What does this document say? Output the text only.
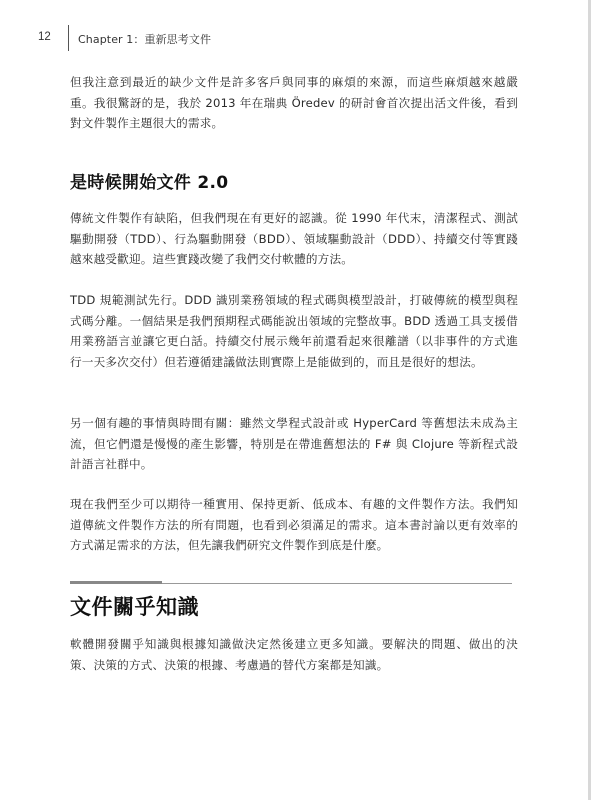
12 Chapter 1：重新思考文件

但我注意到最近的缺少文件是許多客戶與同事的麻煩的來源，而這些麻煩越來越嚴重。我很驚訝的是，我於 2013 年在瑞典 Öredev 的研討會首次提出活文件後，看到對文件製作主題很大的需求。

是時候開始文件 2.0

傳統文件製作有缺陷，但我們現在有更好的認識。從 1990 年代末，清潔程式、測試驅動開發（TDD）、行為驅動開發（BDD）、領域驅動設計（DDD）、持續交付等實踐越來越受歡迎。這些實踐改變了我們交付軟體的方法。

TDD 規範測試先行。DDD 識別業務領域的程式碼與模型設計，打破傳統的模型與程式碼分離。一個結果是我們預期程式碼能說出領域的完整故事。BDD 透過工具支援借用業務語言並讓它更白話。持續交付展示幾年前還看起來很離譜（以非事件的方式進行一天多次交付）但若遵循建議做法則實際上是能做到的，而且是很好的想法。

另一個有趣的事情與時間有關：雖然文學程式設計或 HyperCard 等舊想法未成為主流，但它們還是慢慢的產生影響，特別是在帶進舊想法的 F# 與 Clojure 等新程式設計語言社群中。

現在我們至少可以期待一種實用、保持更新、低成本、有趣的文件製作方法。我們知道傳統文件製作方法的所有問題，也看到必須滿足的需求。這本書討論以更有效率的方式滿足需求的方法，但先讓我們研究文件製作到底是什麼。

文件關乎知識

軟體開發關乎知識與根據知識做決定然後建立更多知識。要解決的問題、做出的決策、決策的方式、決策的根據、考慮過的替代方案都是知識。
